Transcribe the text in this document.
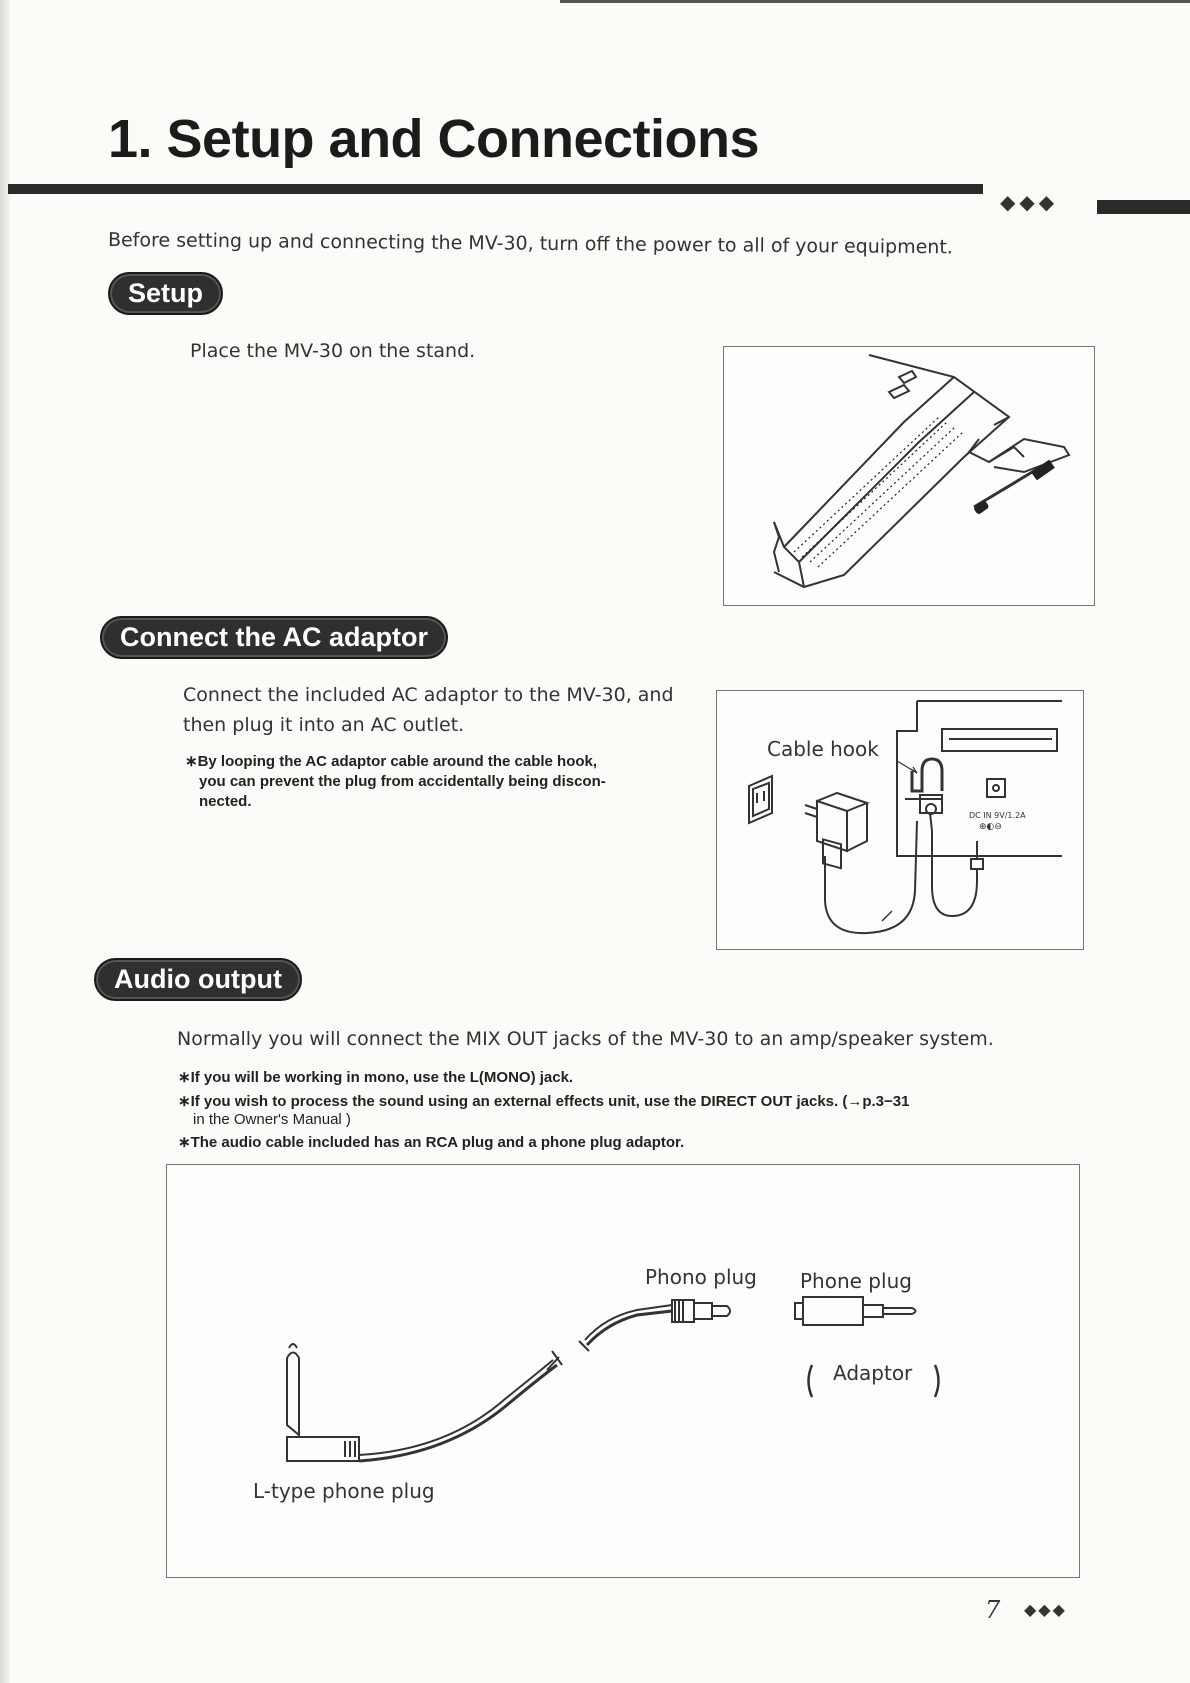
1. Setup and Connections
◆◆◆
Before setting up and connecting the MV-30, turn off the power to all of your equipment.
Setup
Place the MV-30 on the stand.
Connect the AC adaptor
Connect the included AC adaptor to the MV-30, and
then plug it into an AC outlet.
∗By looping the AC adaptor cable around the cable hook,
you can prevent the plug from accidentally being discon-
nected.
Cable hook
DC IN 9V/1.2A
⊕◐⊖
Audio output
Normally you will connect the MIX OUT jacks of the MV-30 to an amp/speaker system.
∗If you will be working in mono, use the L(MONO) jack.
∗If you wish to process the sound using an external effects unit, use the DIRECT OUT jacks. (→p.3−31
in the Owner's Manual )
∗The audio cable included has an RCA plug and a phone plug adaptor.
Phono plug Phone plug
Adaptor
L-type phone plug
7 ◆◆◆
